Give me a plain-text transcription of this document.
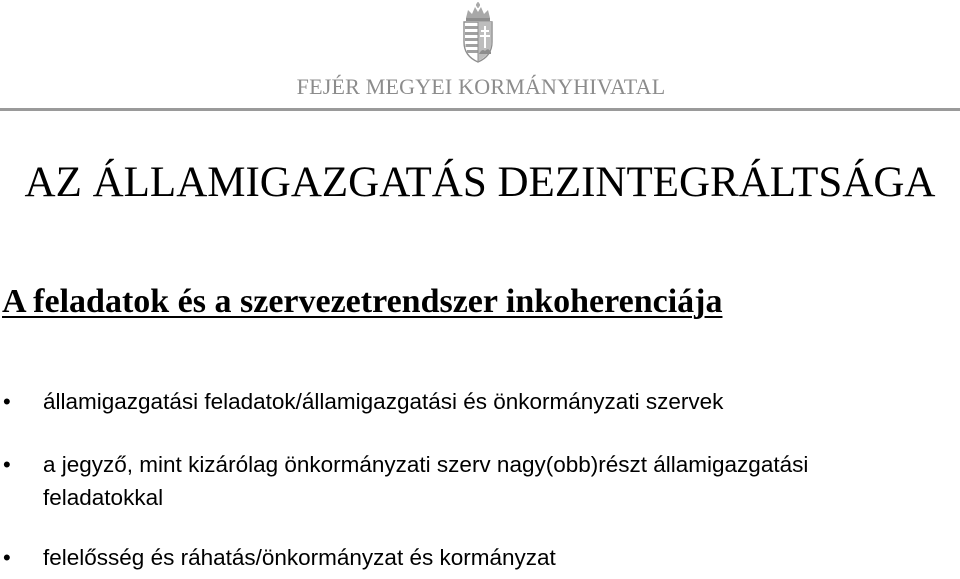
FEJÉR MEGYEI KORMÁNYHIVATAL
AZ ÁLLAMIGAZGATÁS DEZINTEGRÁLTSÁGA
A feladatok és a szervezetrendszer inkoherenciája
• államigazgatási feladatok/államigazgatási és önkormányzati szervek
• a jegyző, mint kizárólag önkormányzati szerv nagy(obb)részt államigazgatási feladatokkal
• felelősség és ráhatás/önkormányzat és kormányzat
